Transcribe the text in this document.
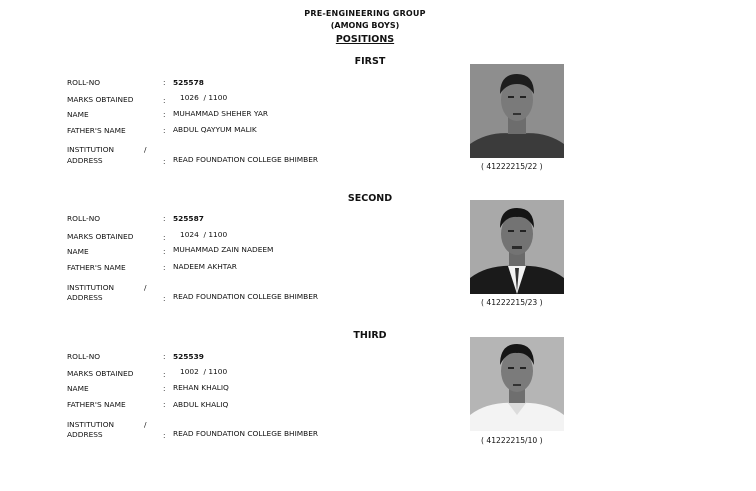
PRE-ENGINEERING GROUP
(AMONG BOYS)
POSITIONS
FIRST
ROLL-NO	: 525578
MARKS OBTAINED	: 1026  / 1100
NAME	: MUHAMMAD SHEHER YAR
FATHER'S NAME	: ABDUL QAYYUM MALIK
INSTITUTION	/
ADDRESS	: READ FOUNDATION COLLEGE BHIMBER
( 41222215/22 )
SECOND
ROLL-NO	: 525587
MARKS OBTAINED	: 1024  / 1100
NAME	: MUHAMMAD ZAIN NADEEM
FATHER'S NAME	: NADEEM AKHTAR
INSTITUTION	/
ADDRESS	: READ FOUNDATION COLLEGE BHIMBER
( 41222215/23 )
THIRD
ROLL-NO	: 525539
MARKS OBTAINED	: 1002  / 1100
NAME	: REHAN KHALIQ
FATHER'S NAME	: ABDUL KHALIQ
INSTITUTION	/
ADDRESS	: READ FOUNDATION COLLEGE BHIMBER
( 41222215/10 )
